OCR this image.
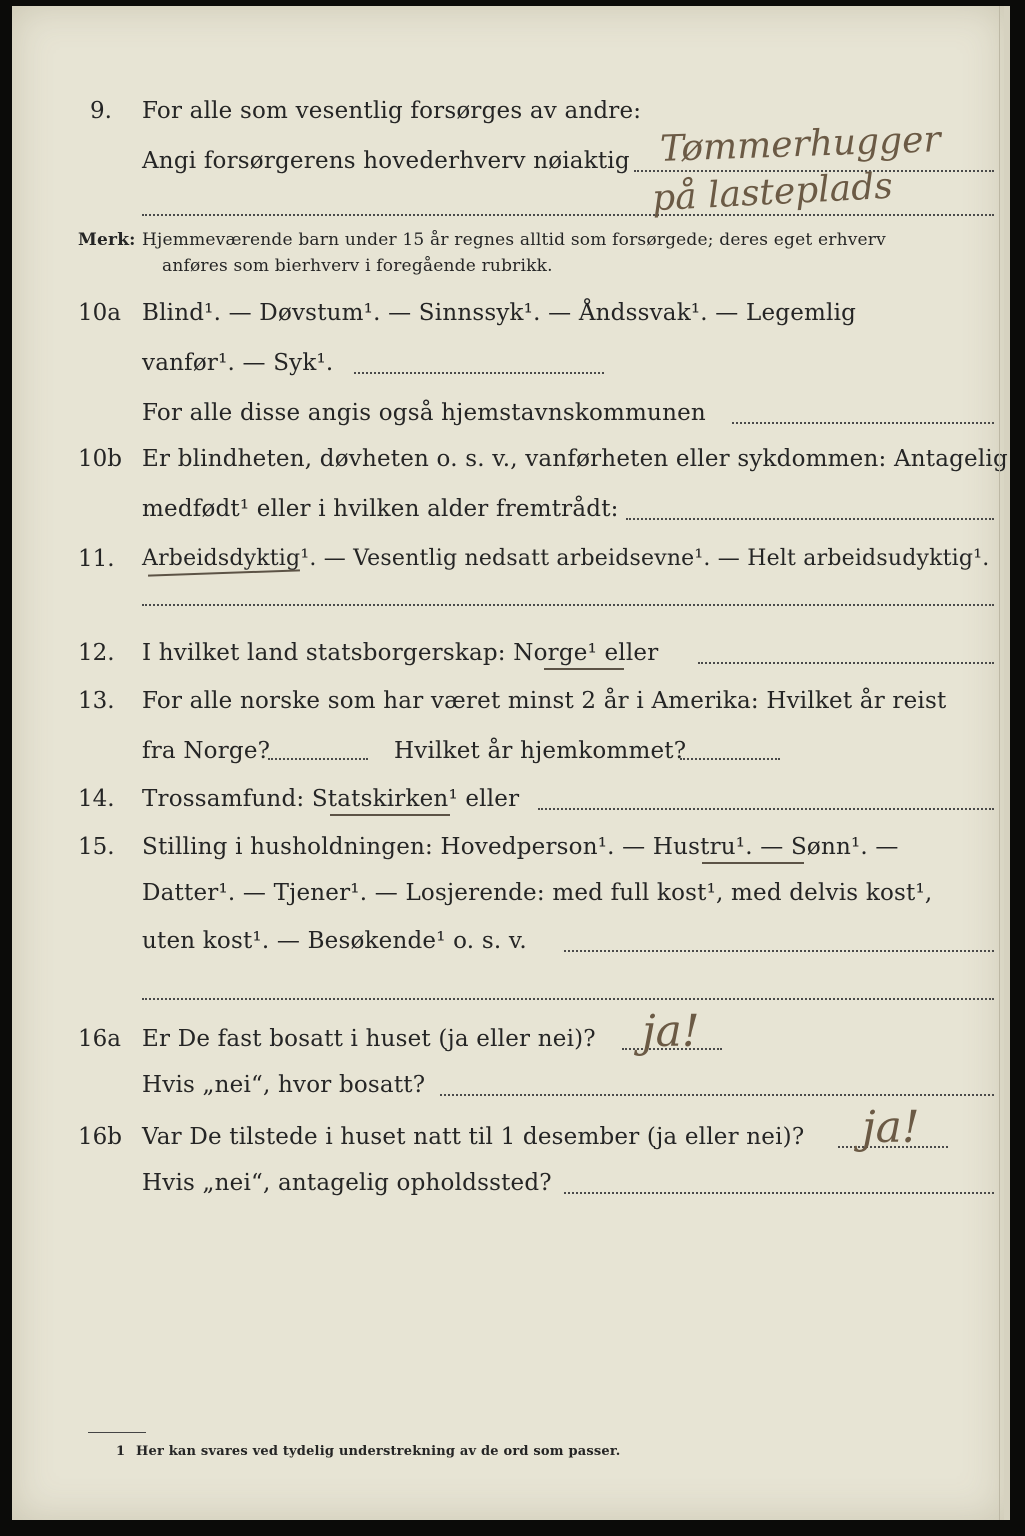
9. For alle som vesentlig forsørges av andre:
Angi forsørgerens hovederhverv nøiaktig Tømmerhugger
på lasteplads
Merk: Hjemmeværende barn under 15 år regnes alltid som forsørgede; deres eget erhverv
anføres som bierhverv i foregående rubrikk.
10a Blind¹. — Døvstum¹. — Sinnssyk¹. — Åndssvak¹. — Legemlig
vanfør¹. — Syk¹.
For alle disse angis også hjemstavnskommunen
10b Er blindheten, døvheten o. s. v., vanførheten eller sykdommen: Antagelig
medfødt¹ eller i hvilken alder fremtrådt:
11. Arbeidsdyktig¹. — Vesentlig nedsatt arbeidsevne¹. — Helt arbeidsudyktig¹.
12. I hvilket land statsborgerskap: Norge¹ eller
13. For alle norske som har været minst 2 år i Amerika: Hvilket år reist
fra Norge?	Hvilket år hjemkommet?
14. Trossamfund: Statskirken¹ eller
15. Stilling i husholdningen: Hovedperson¹. — Hustru¹. — Sønn¹. —
Datter¹. — Tjener¹. — Losjerende: med full kost¹, med delvis kost¹,
uten kost¹. — Besøkende¹ o. s. v.
16a Er De fast bosatt i huset (ja eller nei)? ja!
Hvis „nei“, hvor bosatt?
16b Var De tilstede i huset natt til 1 desember (ja eller nei)? ja!
Hvis „nei“, antagelig opholdssted?
1 Her kan svares ved tydelig understrekning av de ord som passer.
